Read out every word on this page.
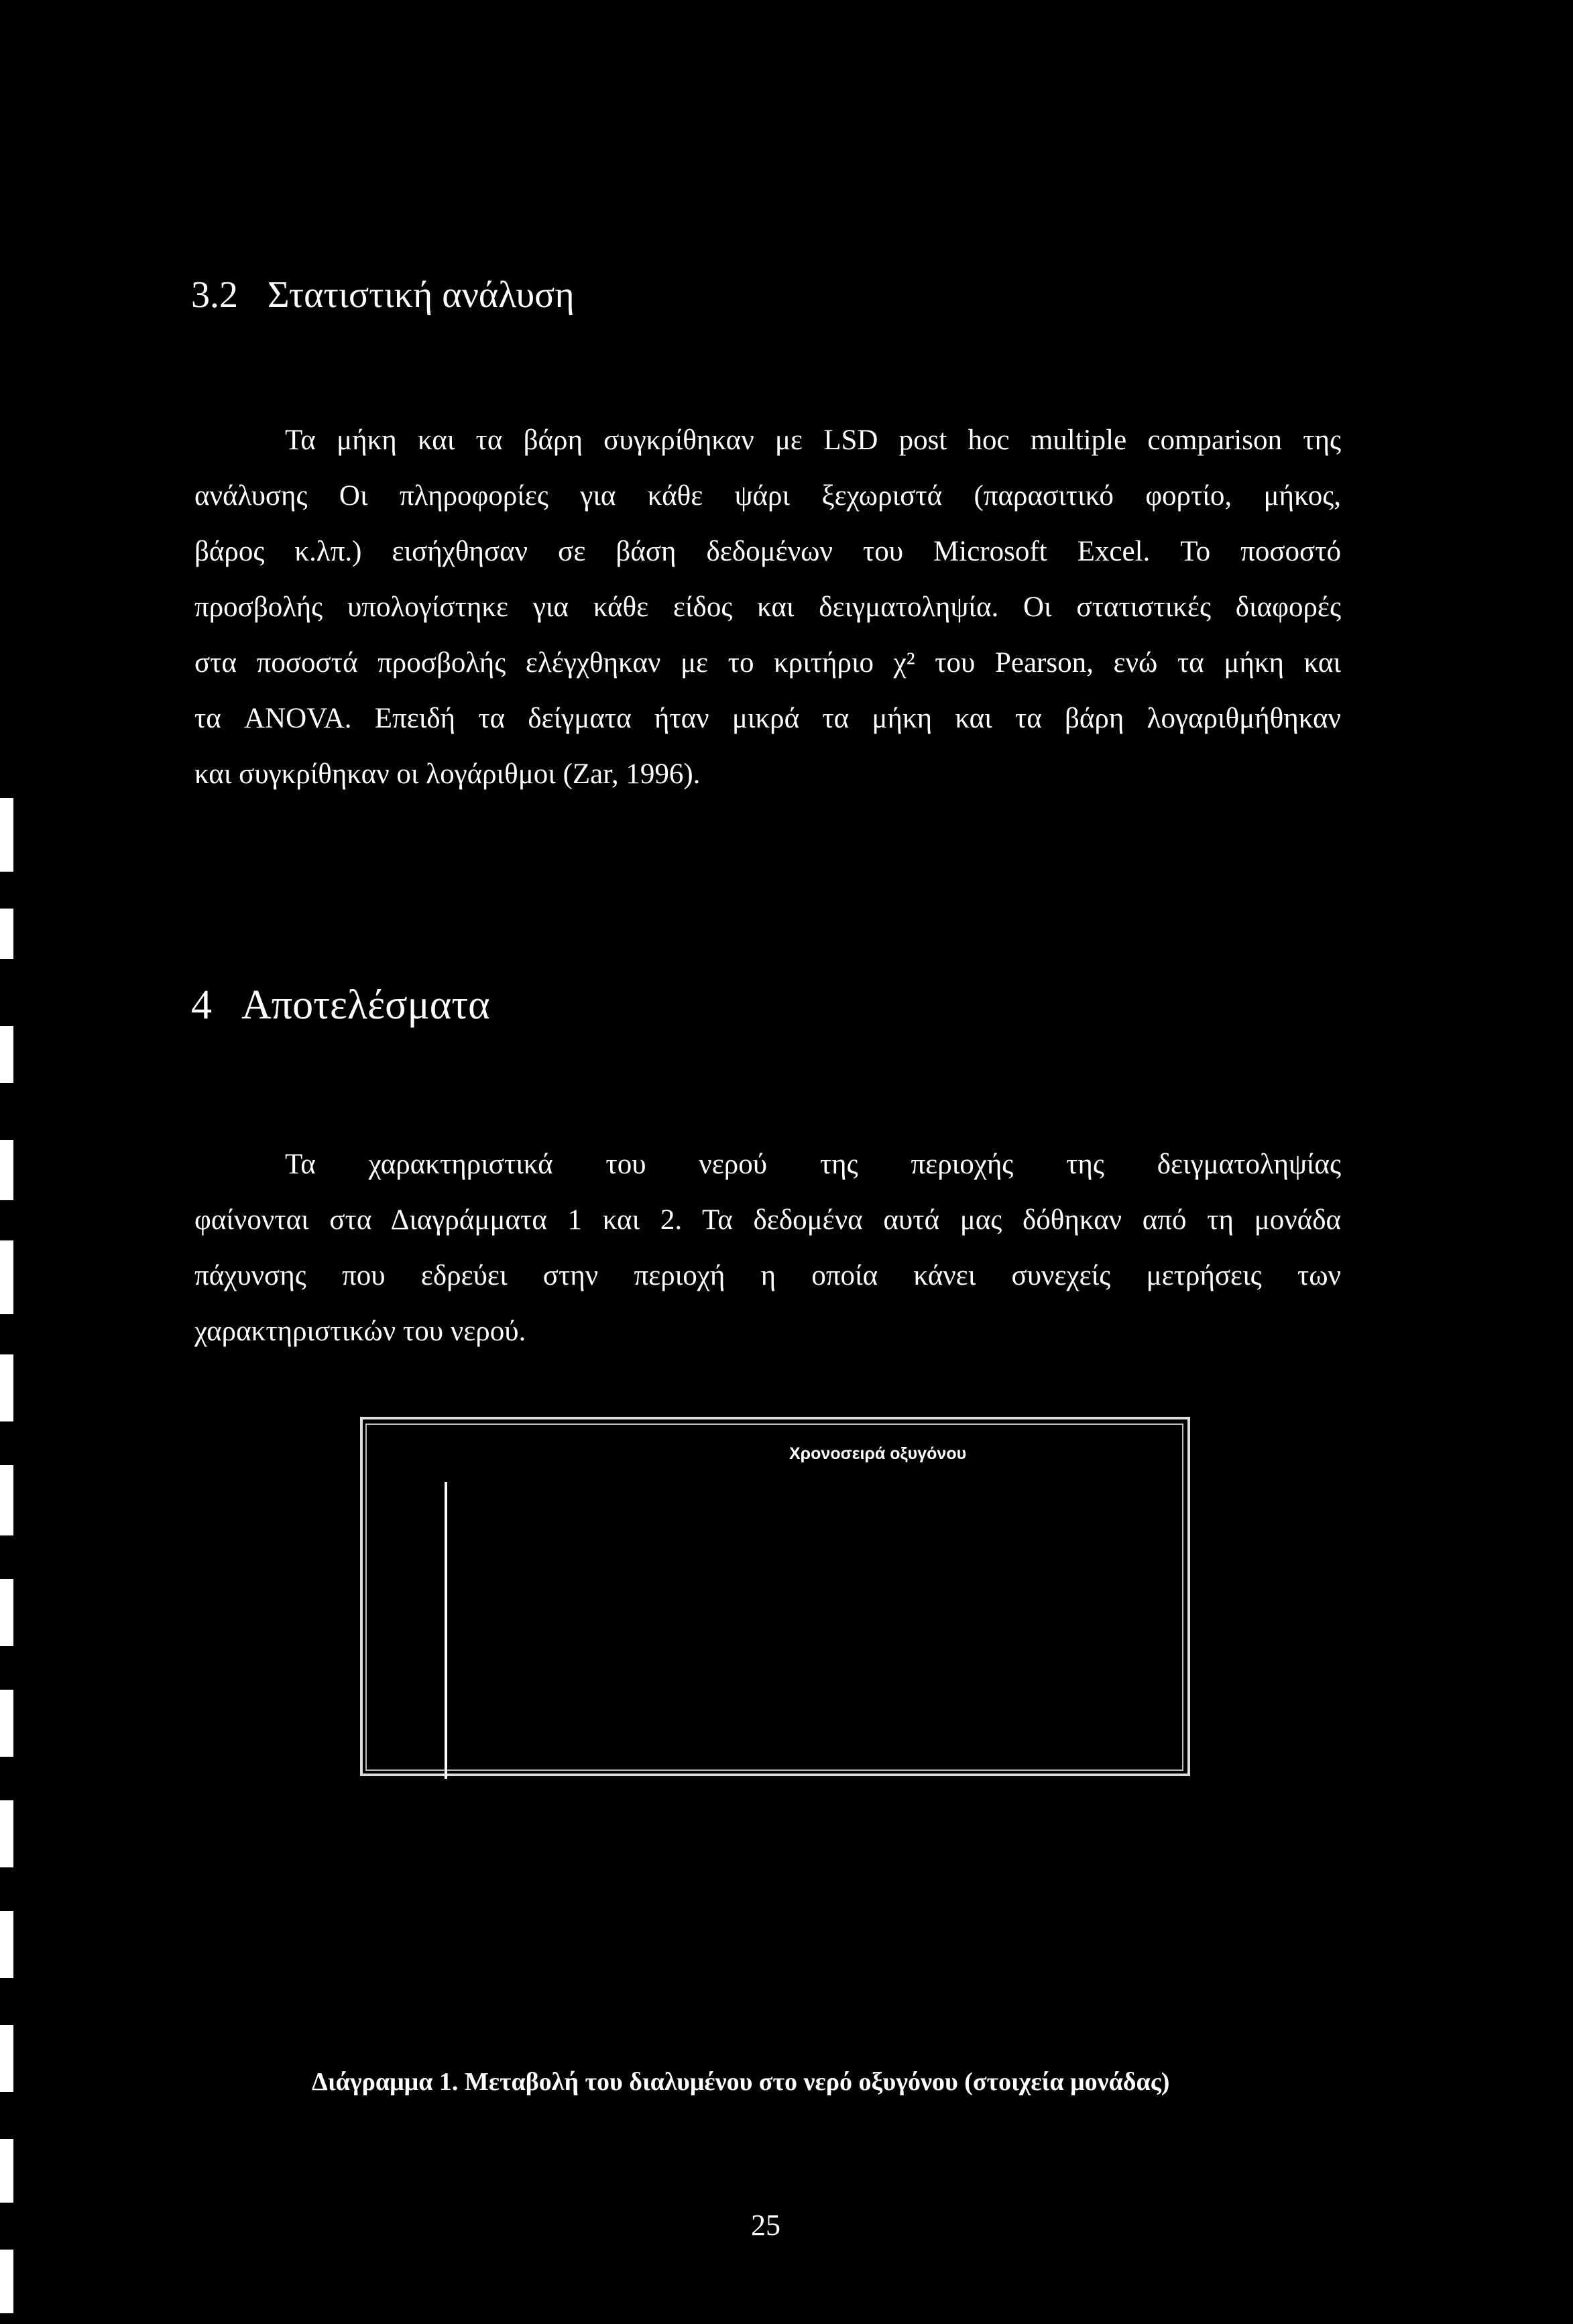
3.2 Στατιστική ανάλυση
Τα μήκη και τα βάρη συγκρίθηκαν με LSD post hoc multiple comparison της
ανάλυσης Οι πληροφορίες για κάθε ψάρι ξεχωριστά (παρασιτικό φορτίο, μήκος,
βάρος κ.λπ.) εισήχθησαν σε βάση δεδομένων του Microsoft Excel. Το ποσοστό
προσβολής υπολογίστηκε για κάθε είδος και δειγματοληψία. Οι στατιστικές διαφορές
στα ποσοστά προσβολής ελέγχθηκαν με το κριτήριο χ² του Pearson, ενώ τα μήκη και
τα ANOVA. Επειδή τα δείγματα ήταν μικρά τα μήκη και τα βάρη λογαριθμήθηκαν
και συγκρίθηκαν οι λογάριθμοι (Zar, 1996).
4 Αποτελέσματα
Τα χαρακτηριστικά του νερού της περιοχής της δειγματοληψίας
φαίνονται στα Διαγράμματα 1 και 2. Τα δεδομένα αυτά μας δόθηκαν από τη μονάδα
πάχυνσης που εδρεύει στην περιοχή η οποία κάνει συνεχείς μετρήσεις των
χαρακτηριστικών του νερού.
Χρονοσειρά οξυγόνου
Διάγραμμα 1. Μεταβολή του διαλυμένου στο νερό οξυγόνου (στοιχεία μονάδας)
25
